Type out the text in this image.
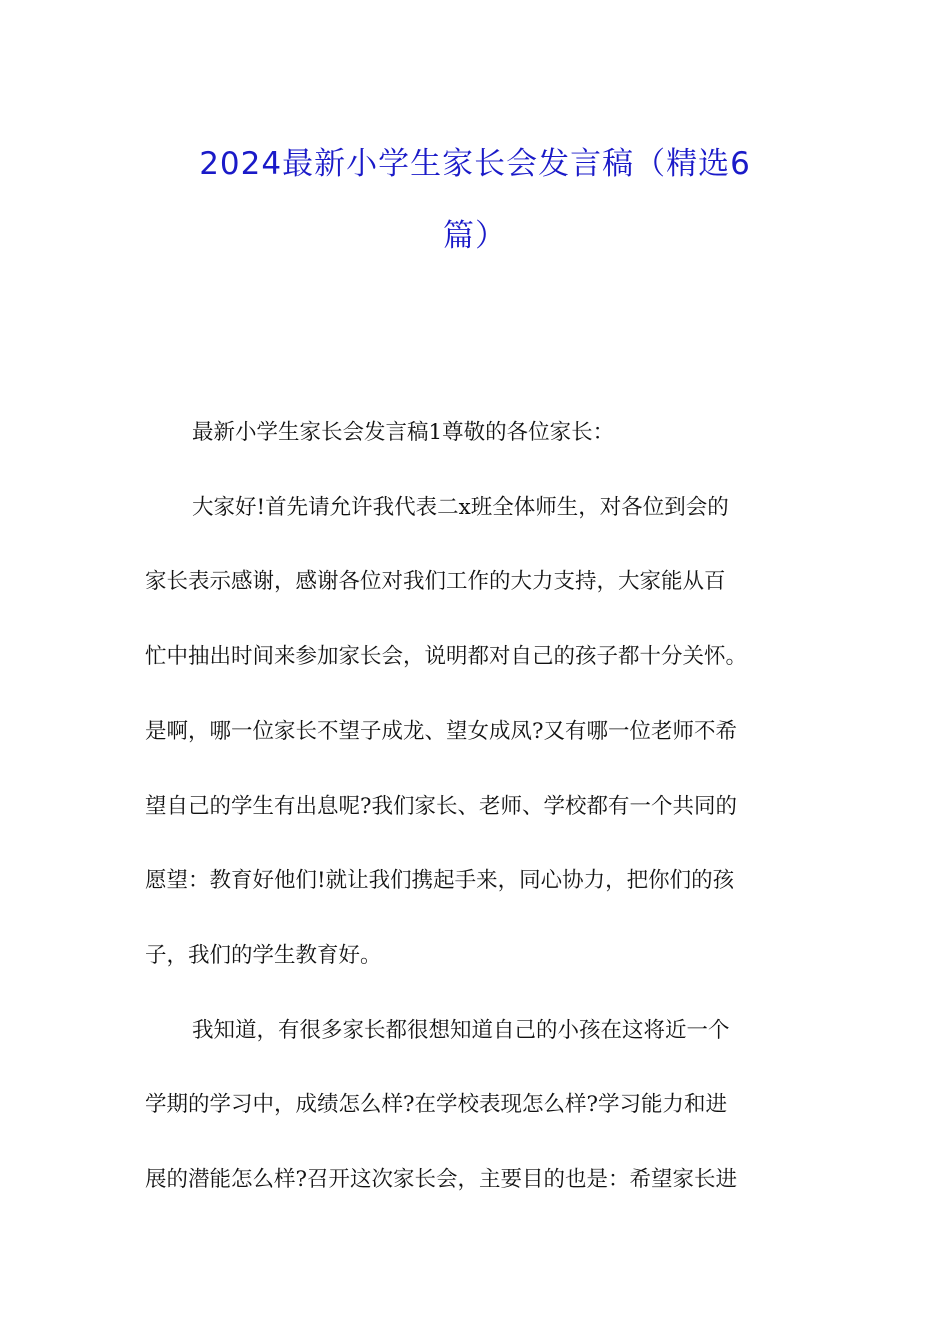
2024最新小学生家长会发言稿（精选6
篇）
最新小学生家长会发言稿1尊敬的各位家长：
大家好!首先请允许我代表二x班全体师生，对各位到会的
家长表示感谢，感谢各位对我们工作的大力支持，大家能从百
忙中抽出时间来参加家长会，说明都对自己的孩子都十分关怀。
是啊，哪一位家长不望子成龙、望女成凤?又有哪一位老师不希
望自己的学生有出息呢?我们家长、老师、学校都有一个共同的
愿望：教育好他们!就让我们携起手来，同心协力，把你们的孩
子，我们的学生教育好。
我知道，有很多家长都很想知道自己的小孩在这将近一个
学期的学习中，成绩怎么样?在学校表现怎么样?学习能力和进
展的潜能怎么样?召开这次家长会，主要目的也是：希望家长进
